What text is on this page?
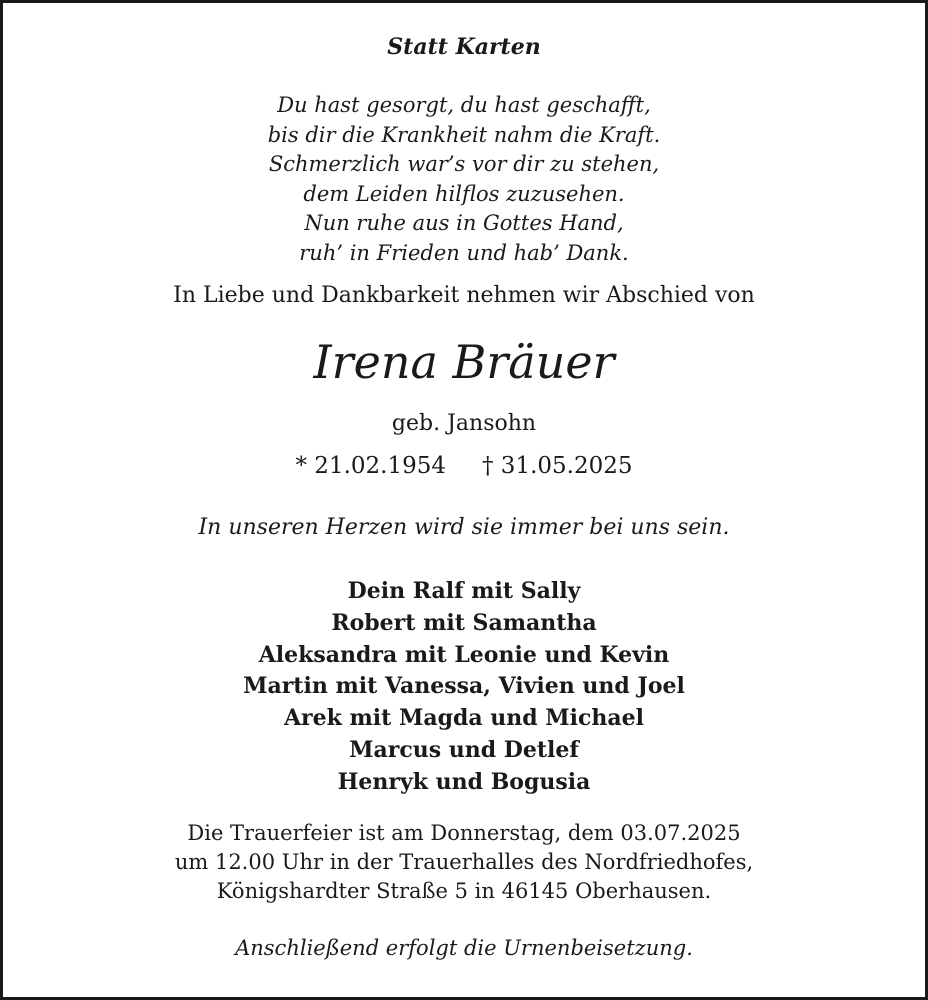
Statt Karten
Du hast gesorgt, du hast geschafft,
bis dir die Krankheit nahm die Kraft.
Schmerzlich war’s vor dir zu stehen,
dem Leiden hilflos zuzusehen.
Nun ruhe aus in Gottes Hand,
ruh’ in Frieden und hab’ Dank.
In Liebe und Dankbarkeit nehmen wir Abschied von
Irena Bräuer
geb. Jansohn
* 21.02.1954 † 31.05.2025
In unseren Herzen wird sie immer bei uns sein.
Dein Ralf mit Sally
Robert mit Samantha
Aleksandra mit Leonie und Kevin
Martin mit Vanessa, Vivien und Joel
Arek mit Magda und Michael
Marcus und Detlef
Henryk und Bogusia
Die Trauerfeier ist am Donnerstag, dem 03.07.2025
um 12.00 Uhr in der Trauerhalles des Nordfriedhofes,
Königshardter Straße 5 in 46145 Oberhausen.
Anschließend erfolgt die Urnenbeisetzung.
